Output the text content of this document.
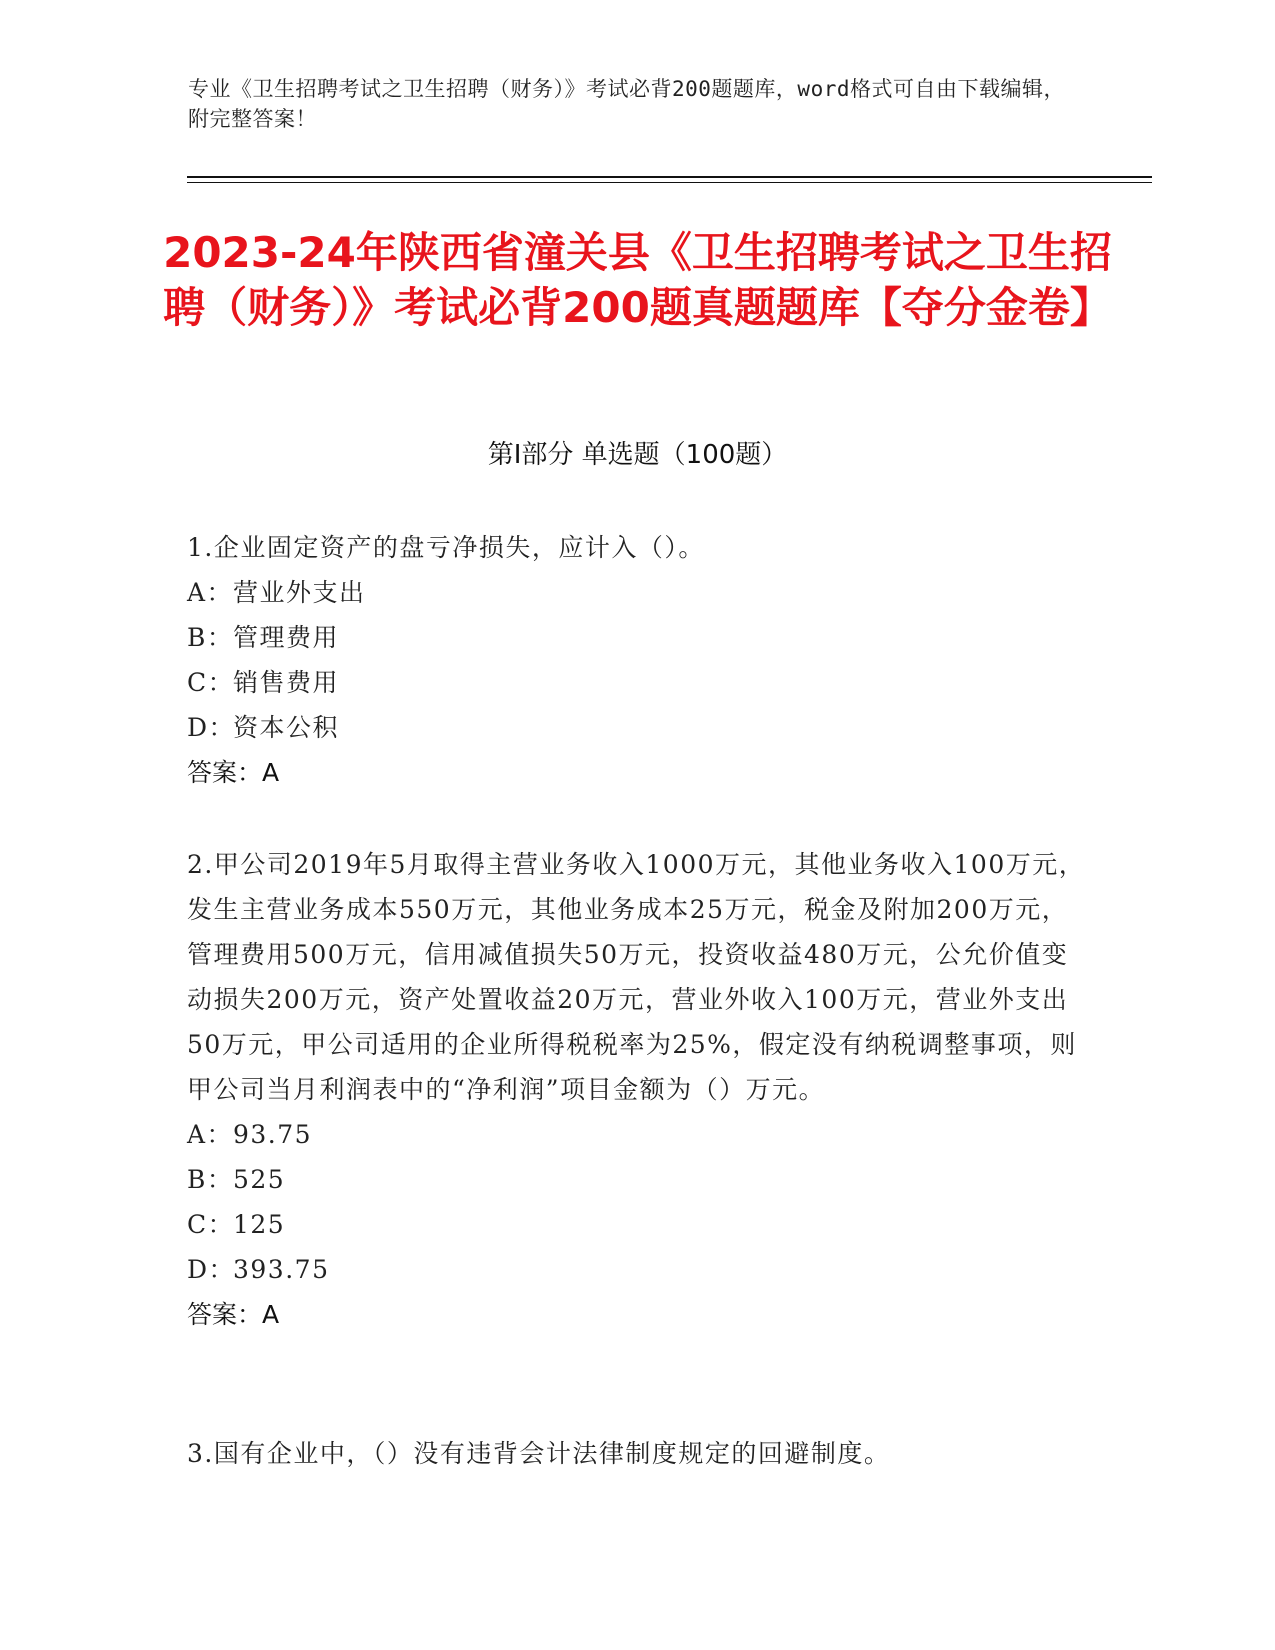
专业《卫生招聘考试之卫生招聘（财务）》考试必背200题题库，word格式可自由下载编辑，附完整答案！
2023-24年陕西省潼关县《卫生招聘考试之卫生招聘（财务）》考试必背200题真题题库【夺分金卷】
第I部分 单选题（100题）

1.企业固定资产的盘亏净损失，应计入（）。

A：营业外支出

B：管理费用

C：销售费用

D：资本公积

答案：A

2.甲公司2019年5月取得主营业务收入1000万元，其他业务收入100万元，发生主营业务成本550万元，其他业务成本25万元，税金及附加200万元，管理费用500万元，信用减值损失50万元，投资收益480万元，公允价值变动损失200万元，资产处置收益20万元，营业外收入100万元，营业外支出50万元，甲公司适用的企业所得税税率为25%，假定没有纳税调整事项，则甲公司当月利润表中的“净利润”项目金额为（）万元。

A：93.75

B：525

C：125

D：393.75

答案：A

3.国有企业中，（）没有违背会计法律制度规定的回避制度。
